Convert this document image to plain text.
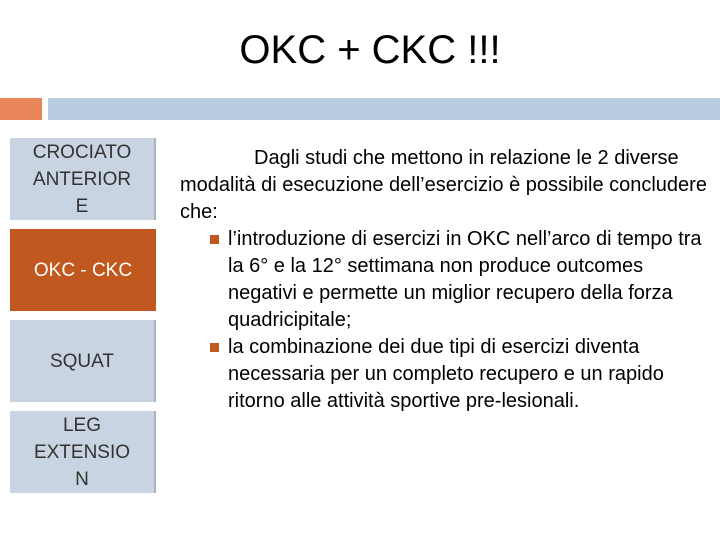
OKC + CKC !!!
CROCIATO
ANTERIOR
E
OKC - CKC
SQUAT
LEG
EXTENSIO
N

Dagli studi che mettono in relazione le 2 diverse modalità di esecuzione dell’esercizio è possibile concludere che:

l’introduzione di esercizi in OKC nell’arco di tempo tra la 6° e la 12° settimana non produce outcomes negativi e permette un miglior recupero della forza quadricipitale;

la combinazione dei due tipi di esercizi diventa necessaria per un completo recupero e un rapido ritorno alle attività sportive pre-lesionali.
